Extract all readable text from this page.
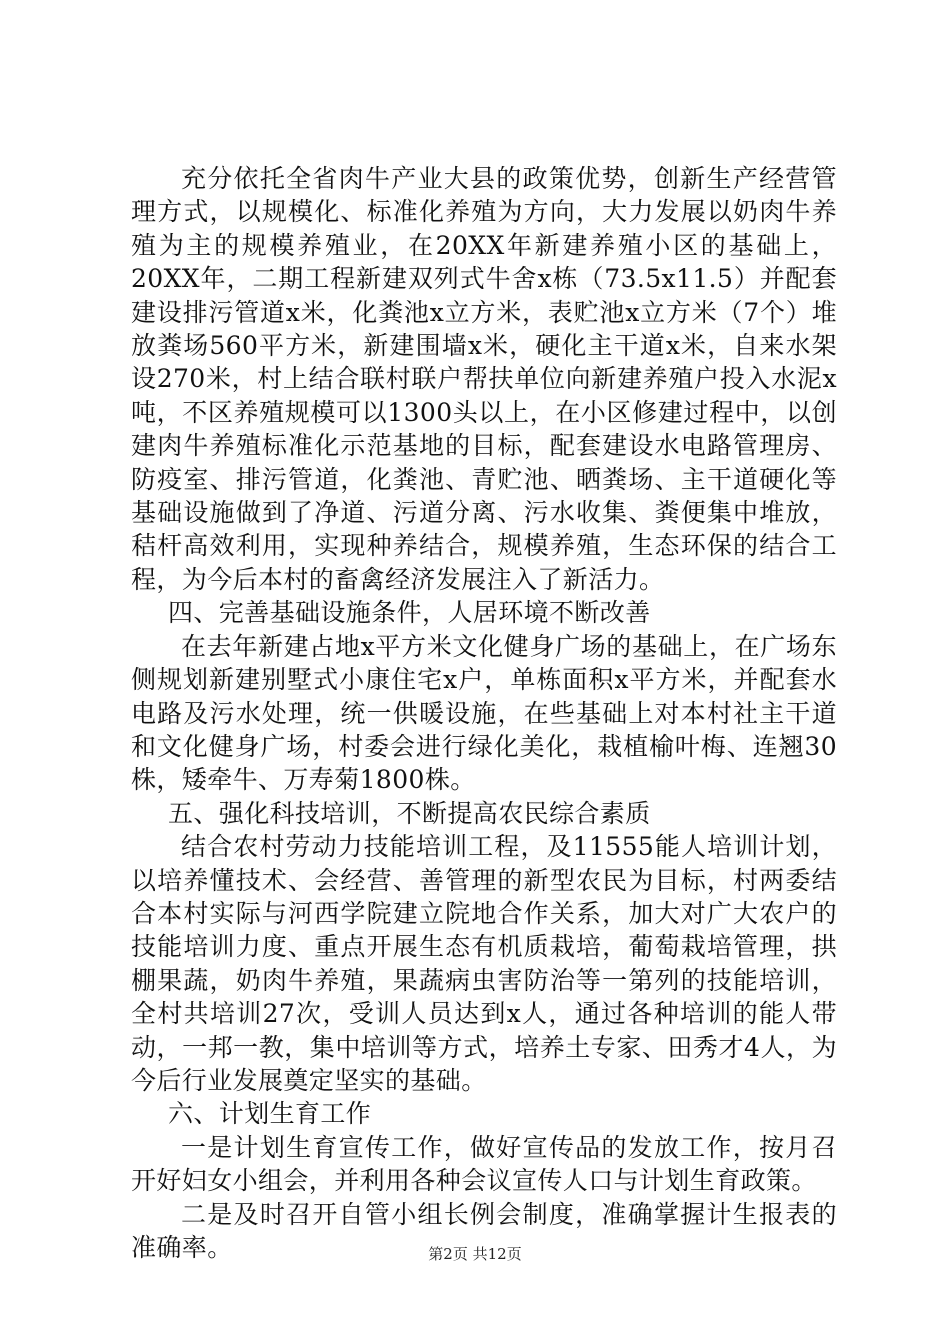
充分依托全省肉牛产业大县的政策优势，创新生产经营管理方式，以规模化、标准化养殖为方向，大力发展以奶肉牛养殖为主的规模养殖业，在20XX年新建养殖小区的基础上，20XX年，二期工程新建双列式牛舍x栋（73.5x11.5）并配套建设排污管道x米，化粪池x立方米，表贮池x立方米（7个）堆放粪场560平方米，新建围墙x米，硬化主干道x米，自来水架设270米，村上结合联村联户帮扶单位向新建养殖户投入水泥x吨，不区养殖规模可以1300头以上，在小区修建过程中，以创建肉牛养殖标准化示范基地的目标，配套建设水电路管理房、防疫室、排污管道，化粪池、青贮池、晒粪场、主干道硬化等基础设施做到了净道、污道分离、污水收集、粪便集中堆放，秸杆高效利用，实现种养结合，规模养殖，生态环保的结合工程，为今后本村的畜禽经济发展注入了新活力。

四、完善基础设施条件，人居环境不断改善

在去年新建占地x平方米文化健身广场的基础上，在广场东侧规划新建别墅式小康住宅x户，单栋面积x平方米，并配套水电路及污水处理，统一供暖设施，在些基础上对本村社主干道和文化健身广场，村委会进行绿化美化，栽植榆叶梅、连翘30株，矮牵牛、万寿菊1800株。

五、强化科技培训，不断提高农民综合素质

结合农村劳动力技能培训工程，及11555能人培训计划，以培养懂技术、会经营、善管理的新型农民为目标，村两委结合本村实际与河西学院建立院地合作关系，加大对广大农户的技能培训力度、重点开展生态有机质栽培，葡萄栽培管理，拱棚果蔬，奶肉牛养殖，果蔬病虫害防治等一第列的技能培训，全村共培训27次，受训人员达到x人，通过各种培训的能人带动，一邦一教，集中培训等方式，培养土专家、田秀才4人，为今后行业发展奠定坚实的基础。

六、计划生育工作

一是计划生育宣传工作，做好宣传品的发放工作，按月召开好妇女小组会，并利用各种会议宣传人口与计划生育政策。

二是及时召开自管小组长例会制度，准确掌握计生报表的准确率。	第2页 共12页
